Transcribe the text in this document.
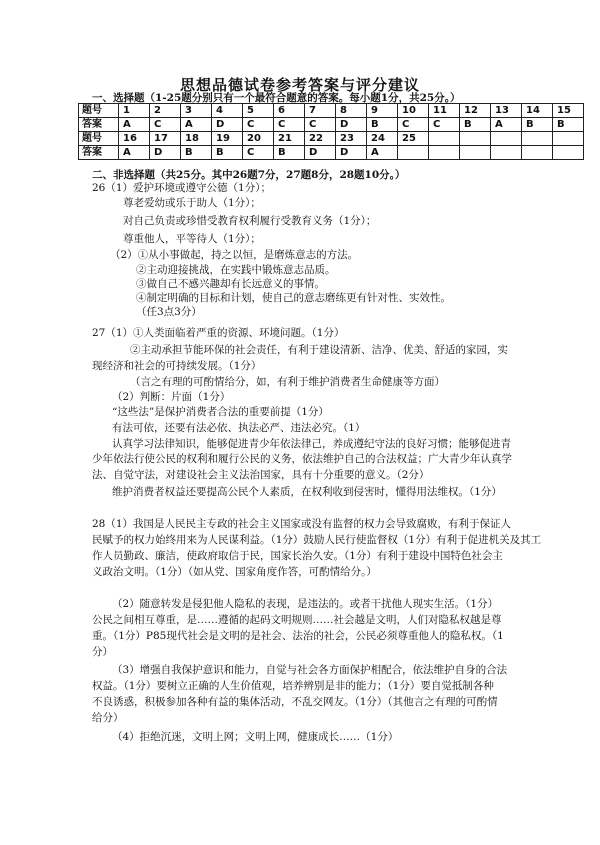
思想品德试卷参考答案与评分建议
一、选择题（1-25题分别只有一个最符合题意的答案。每小题1分，共25分。）
题号	1	2	3	4	5	6	7	8	9	10	11	12	13	14	15
答案	A	C	A	D	C	C	C	D	B	C	C	B	A	B	B
题号	16	17	18	19	20	21	22	23	24	25					
答案	A	D	B	B	C	B	D	D	A						
二、非选择题（共25分。其中26题7分，27题8分，28题10分。）
26（1）爱护环境或遵守公德（1分）；
尊老爱幼或乐于助人（1分）；
对自己负责或珍惜受教育权利履行受教育义务（1分）；
尊重他人，平等待人（1分）；
（2）①从小事做起，持之以恒，是磨炼意志的方法。
②主动迎接挑战，在实践中锻炼意志品质。
③做自己不感兴趣却有长远意义的事情。
④制定明确的目标和计划，使自己的意志磨练更有针对性、实效性。
（任3点3分）
27（1）①人类面临着严重的资源、环境问题。（1分）
②主动承担节能环保的社会责任，有利于建设清新、洁净、优美、舒适的家园，实
现经济和社会的可持续发展。（1分）
（言之有理的可酌情给分，如，有利于维护消费者生命健康等方面）
（2）判断：片面（1分）
“这些法”是保护消费者合法的重要前提（1分）
有法可依，还要有法必依、执法必严、违法必究。（1）
认真学习法律知识，能够促进青少年依法律己，养成遵纪守法的良好习惯；能够促进青
少年依法行使公民的权利和履行公民的义务，依法维护自己的合法权益；广大青少年认真学
法、自觉守法，对建设社会主义法治国家，具有十分重要的意义。（2分）
维护消费者权益还要提高公民个人素质，在权利收到侵害时，懂得用法维权。（1分）
28（1）我国是人民民主专政的社会主义国家或没有监督的权力会导致腐败，有利于保证人
民赋予的权力始终用来为人民谋利益。（1分）鼓励人民行使监督权（1分）有利于促进机关及其工
作人员勤政、廉洁，使政府取信于民，国家长治久安。（1分）有利于建设中国特色社会主
义政治文明。（1分）（如从党、国家角度作答，可酌情给分。）
（2）随意转发是侵犯他人隐私的表现，是违法的。或者干扰他人现实生活。（1分）
公民之间相互尊重，是……遵循的起码文明规则……社会越是文明，人们对隐私权越是尊
重。（1分）P85现代社会是文明的是社会、法治的社会，公民必须尊重他人的隐私权。（1
分）
（3）增强自我保护意识和能力，自觉与社会各方面保护相配合，依法维护自身的合法
权益。（1分）要树立正确的人生价值观，培养辨别是非的能力；（1分）要自觉抵制各种
不良诱惑，积极参加各种有益的集体活动，不乱交网友。（1分）（其他言之有理的可酌情
给分）
（4）拒绝沉迷，文明上网；文明上网，健康成长……（1分）
